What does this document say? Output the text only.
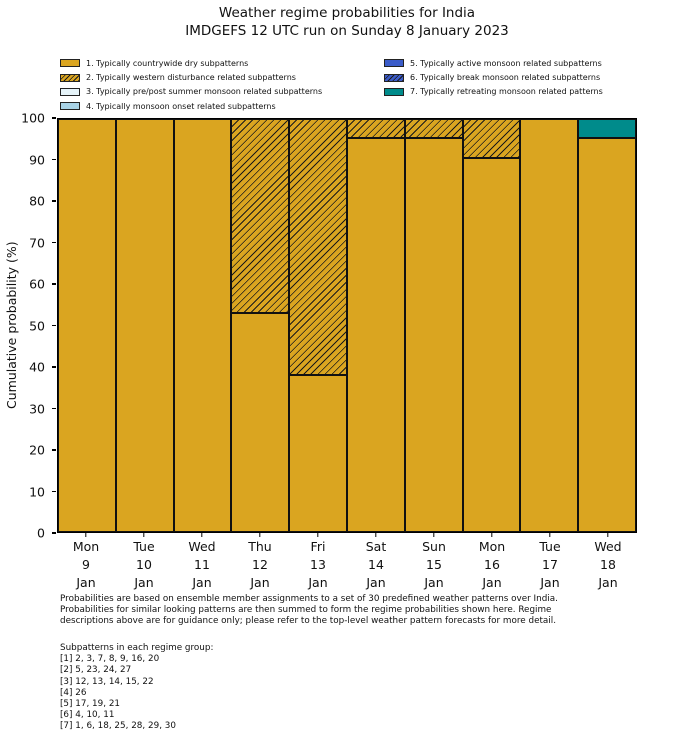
Weather regime probabilities for India
IMDGEFS 12 UTC run on Sunday 8 January 2023
1. Typically countrywide dry subpatterns
2. Typically western disturbance related subpatterns
3. Typically pre/post summer monsoon related subpatterns
4. Typically monsoon onset related subpatterns
5. Typically active monsoon related subpatterns
6. Typically break monsoon related subpatterns
7. Typically retreating monsoon related patterns
Cumulative probability (%)
0
10
20
30
40
50
60
70
80
90
100
Mon
9
Jan
Tue
10
Jan
Wed
11
Jan
Thu
12
Jan
Fri
13
Jan
Sat
14
Jan
Sun
15
Jan
Mon
16
Jan
Tue
17
Jan
Wed
18
Jan
Probabilities are based on ensemble member assignments to a set of 30 predefined weather patterns over India.
Probabilities for similar looking patterns are then summed to form the regime probabilities shown here. Regime
descriptions above are for guidance only; please refer to the top-level weather pattern forecasts for more detail.
Subpatterns in each regime group:
[1] 2, 3, 7, 8, 9, 16, 20
[2] 5, 23, 24, 27
[3] 12, 13, 14, 15, 22
[4] 26
[5] 17, 19, 21
[6] 4, 10, 11
[7] 1, 6, 18, 25, 28, 29, 30
